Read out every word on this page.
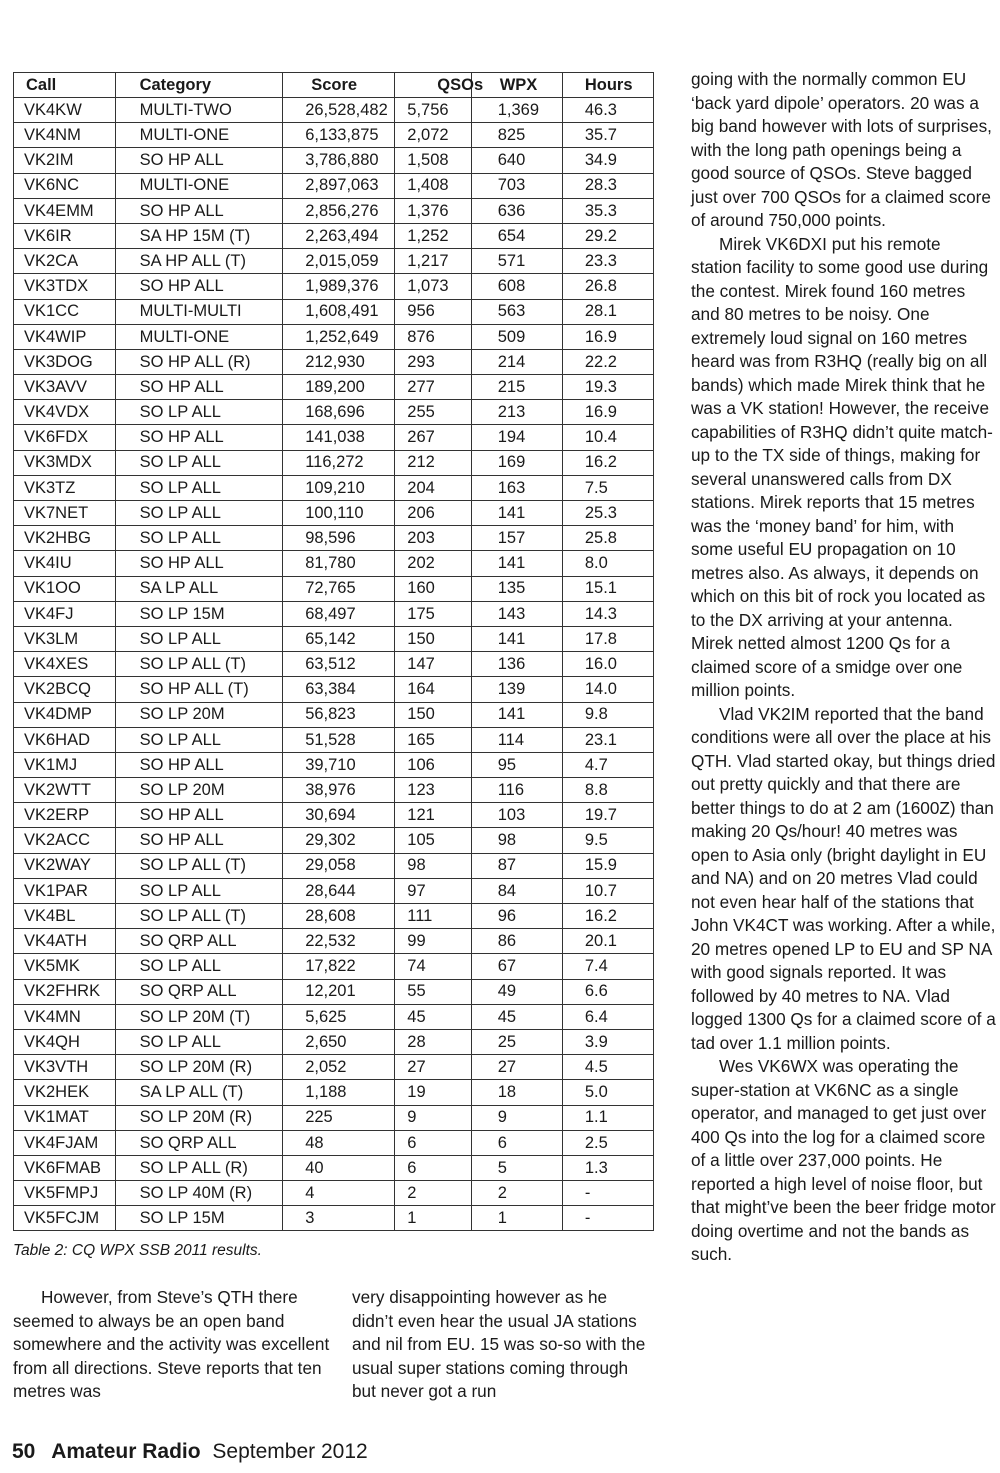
Call	Category	Score	QSOs	WPX	Hours
VK4KW	MULTI-TWO	26,528,482	5,756	1,369	46.3
VK4NM	MULTI-ONE	6,133,875	2,072	825	35.7
VK2IM	SO HP ALL	3,786,880	1,508	640	34.9
VK6NC	MULTI-ONE	2,897,063	1,408	703	28.3
VK4EMM	SO HP ALL	2,856,276	1,376	636	35.3
VK6IR	SA HP 15M (T)	2,263,494	1,252	654	29.2
VK2CA	SA HP ALL (T)	2,015,059	1,217	571	23.3
VK3TDX	SO HP ALL	1,989,376	1,073	608	26.8
VK1CC	MULTI-MULTI	1,608,491	956	563	28.1
VK4WIP	MULTI-ONE	1,252,649	876	509	16.9
VK3DOG	SO HP ALL (R)	212,930	293	214	22.2
VK3AVV	SO HP ALL	189,200	277	215	19.3
VK4VDX	SO LP ALL	168,696	255	213	16.9
VK6FDX	SO HP ALL	141,038	267	194	10.4
VK3MDX	SO LP ALL	116,272	212	169	16.2
VK3TZ	SO LP ALL	109,210	204	163	7.5
VK7NET	SO LP ALL	100,110	206	141	25.3
VK2HBG	SO LP ALL	98,596	203	157	25.8
VK4IU	SO HP ALL	81,780	202	141	8.0
VK1OO	SA LP ALL	72,765	160	135	15.1
VK4FJ	SO LP 15M	68,497	175	143	14.3
VK3LM	SO LP ALL	65,142	150	141	17.8
VK4XES	SO LP ALL (T)	63,512	147	136	16.0
VK2BCQ	SO HP ALL (T)	63,384	164	139	14.0
VK4DMP	SO LP 20M	56,823	150	141	9.8
VK6HAD	SO LP ALL	51,528	165	114	23.1
VK1MJ	SO HP ALL	39,710	106	95	4.7
VK2WTT	SO LP 20M	38,976	123	116	8.8
VK2ERP	SO HP ALL	30,694	121	103	19.7
VK2ACC	SO HP ALL	29,302	105	98	9.5
VK2WAY	SO LP ALL (T)	29,058	98	87	15.9
VK1PAR	SO LP ALL	28,644	97	84	10.7
VK4BL	SO LP ALL (T)	28,608	111	96	16.2
VK4ATH	SO QRP ALL	22,532	99	86	20.1
VK5MK	SO LP ALL	17,822	74	67	7.4
VK2FHRK	SO QRP ALL	12,201	55	49	6.6
VK4MN	SO LP 20M (T)	5,625	45	45	6.4
VK4QH	SO LP ALL	2,650	28	25	3.9
VK3VTH	SO LP 20M (R)	2,052	27	27	4.5
VK2HEK	SA LP ALL (T)	1,188	19	18	5.0
VK1MAT	SO LP 20M (R)	225	9	9	1.1
VK4FJAM	SO QRP ALL	48	6	6	2.5
VK6FMAB	SO LP ALL (R)	40	6	5	1.3
VK5FMPJ	SO LP 40M (R)	4	2	2	-
VK5FCJM	SO LP 15M	3	1	1	-
Table 2: CQ WPX SSB 2011 results.

However, from Steve’s QTH there seemed to always be an open band somewhere and the activity was excellent from all directions. Steve reports that ten metres was

very disappointing however as he didn’t even hear the usual JA stations and nil from EU. 15 was so-so with the usual super stations coming through but never got a run

going with the normally common EU ‘back yard dipole’ operators. 20 was a big band however with lots of surprises, with the long path openings being a good source of QSOs. Steve bagged just over 700 QSOs for a claimed score of around 750,000 points.

Mirek VK6DXI put his remote station facility to some good use during the contest. Mirek found 160 metres and 80 metres to be noisy. One extremely loud signal on 160 metres heard was from R3HQ (really big on all bands) which made Mirek think that he was a VK station! However, the receive capabilities of R3HQ didn’t quite match-up to the TX side of things, making for several unanswered calls from DX stations. Mirek reports that 15 metres was the ‘money band’ for him, with some useful EU propagation on 10 metres also. As always, it depends on which on this bit of rock you located as to the DX arriving at your antenna. Mirek netted almost 1200 Qs for a claimed score of a smidge over one million points.

Vlad VK2IM reported that the band conditions were all over the place at his QTH. Vlad started okay, but things dried out pretty quickly and that there are better things to do at 2 am (1600Z) than making 20 Qs/hour! 40 metres was open to Asia only (bright daylight in EU and NA) and on 20 metres Vlad could not even hear half of the stations that John VK4CT was working. After a while, 20 metres opened LP to EU and SP NA with good signals reported. It was followed by 40 metres to NA. Vlad logged 1300 Qs for a claimed score of a tad over 1.1 million points.

Wes VK6WX was operating the super-station at VK6NC as a single operator, and managed to get just over 400 Qs into the log for a claimed score of a little over 237,000 points. He reported a high level of noise floor, but that might’ve been the beer fridge motor doing overtime and not the bands as such.

50 Amateur Radio September 2012
